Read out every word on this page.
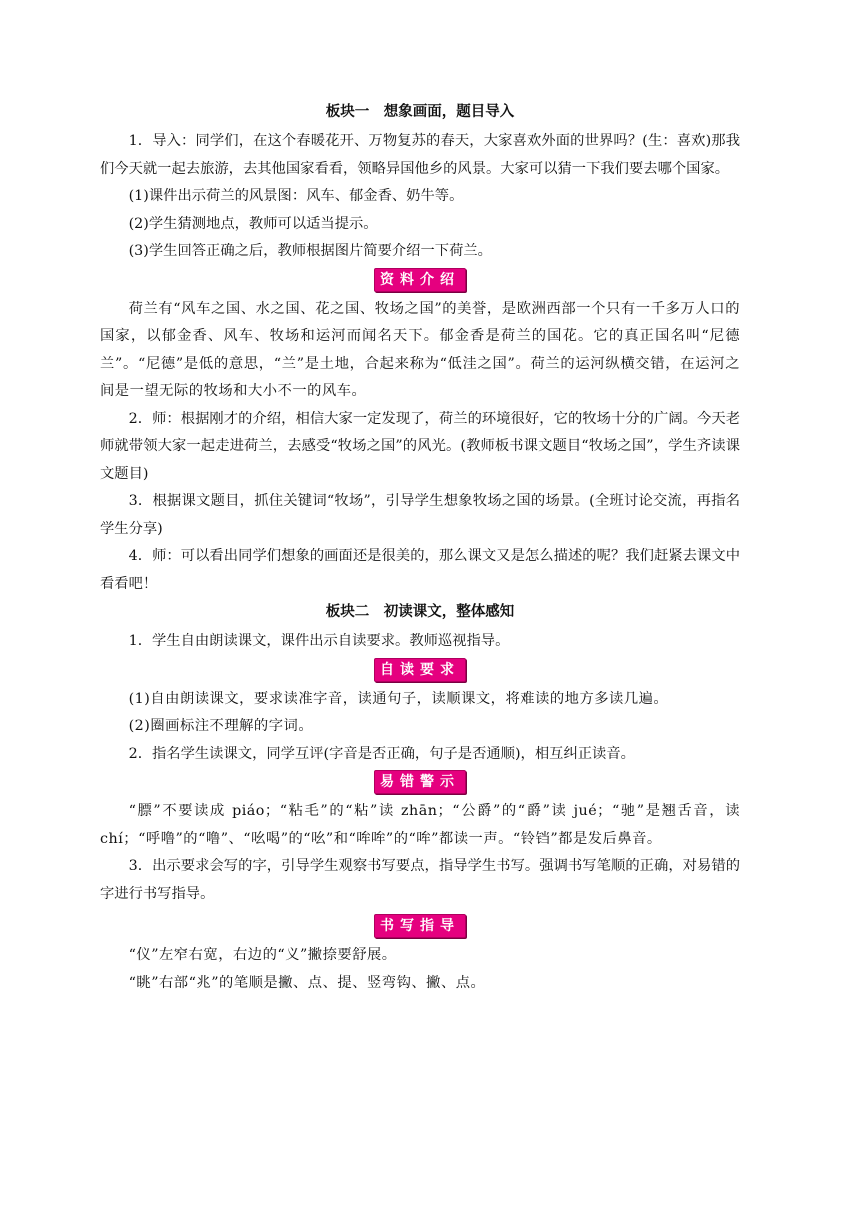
板块一　想象画面，题目导入

1．导入：同学们，在这个春暖花开、万物复苏的春天，大家喜欢外面的世界吗？(生：喜欢)那我们今天就一起去旅游，去其他国家看看，领略异国他乡的风景。大家可以猜一下我们要去哪个国家。

(1)课件出示荷兰的风景图：风车、郁金香、奶牛等。

(2)学生猜测地点，教师可以适当提示。

(3)学生回答正确之后，教师根据图片简要介绍一下荷兰。

资料介绍

荷兰有“风车之国、水之国、花之国、牧场之国”的美誉，是欧洲西部一个只有一千多万人口的国家，以郁金香、风车、牧场和运河而闻名天下。郁金香是荷兰的国花。它的真正国名叫“尼德兰”。“尼德”是低的意思，“兰”是土地，合起来称为“低洼之国”。荷兰的运河纵横交错，在运河之间是一望无际的牧场和大小不一的风车。

2．师：根据刚才的介绍，相信大家一定发现了，荷兰的环境很好，它的牧场十分的广阔。今天老师就带领大家一起走进荷兰，去感受“牧场之国”的风光。(教师板书课文题目“牧场之国”，学生齐读课文题目)

3．根据课文题目，抓住关键词“牧场”，引导学生想象牧场之国的场景。(全班讨论交流，再指名学生分享)

4．师：可以看出同学们想象的画面还是很美的，那么课文又是怎么描述的呢？我们赶紧去课文中看看吧！

板块二　初读课文，整体感知

1．学生自由朗读课文，课件出示自读要求。教师巡视指导。

自读要求

(1)自由朗读课文，要求读准字音，读通句子，读顺课文，将难读的地方多读几遍。

(2)圈画标注不理解的字词。

2．指名学生读课文，同学互评(字音是否正确，句子是否通顺)，相互纠正读音。

易错警示

“膘”不要读成 piáo；“粘毛”的“粘”读 zhān；“公爵”的“爵”读 jué；“驰”是翘舌音，读 chí；“呼噜”的“噜”、“吆喝”的“吆”和“哞哞”的“哞”都读一声。“铃铛”都是发后鼻音。

3．出示要求会写的字，引导学生观察书写要点，指导学生书写。强调书写笔顺的正确，对易错的字进行书写指导。

书写指导

“仪”左窄右宽，右边的“义”撇捺要舒展。

“眺”右部“兆”的笔顺是撇、点、提、竖弯钩、撇、点。
